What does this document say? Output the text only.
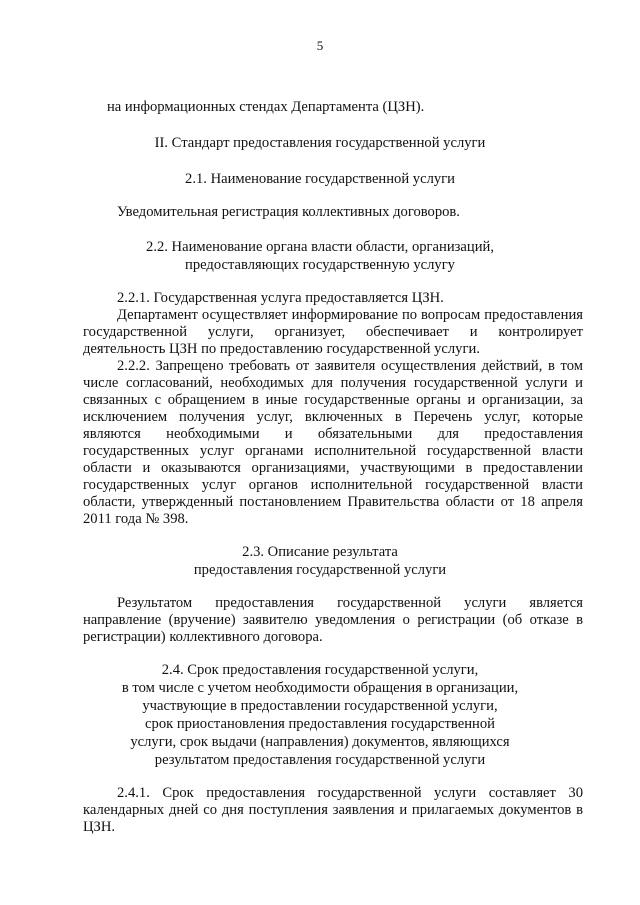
5
на информационных стендах Департамента (ЦЗН).
II. Стандарт предоставления государственной услуги
2.1. Наименование государственной услуги
Уведомительная регистрация коллективных договоров.
2.2. Наименование органа власти области, организаций,
предоставляющих государственную услугу
2.2.1. Государственная услуга предоставляется ЦЗН.
Департамент осуществляет информирование по вопросам предоставления
государственной услуги, организует, обеспечивает и контролирует
деятельность ЦЗН по предоставлению государственной услуги.
2.2.2. Запрещено требовать от заявителя осуществления действий, в том
числе согласований, необходимых для получения государственной услуги и
связанных с обращением в иные государственные органы и организации, за
исключением получения услуг, включенных в Перечень услуг, которые
являются необходимыми и обязательными для предоставления
государственных услуг органами исполнительной государственной власти
области и оказываются организациями, участвующими в предоставлении
государственных услуг органов исполнительной государственной власти
области, утвержденный постановлением Правительства области от 18 апреля
2011 года № 398.
2.3. Описание результата
предоставления государственной услуги
Результатом предоставления государственной услуги является
направление (вручение) заявителю уведомления о регистрации (об отказе в
регистрации) коллективного договора.
2.4. Срок предоставления государственной услуги,
в том числе с учетом необходимости обращения в организации,
участвующие в предоставлении государственной услуги,
срок приостановления предоставления государственной
услуги, срок выдачи (направления) документов, являющихся
результатом предоставления государственной услуги
2.4.1. Срок предоставления государственной услуги составляет 30
календарных дней со дня поступления заявления и прилагаемых документов в
ЦЗН.
